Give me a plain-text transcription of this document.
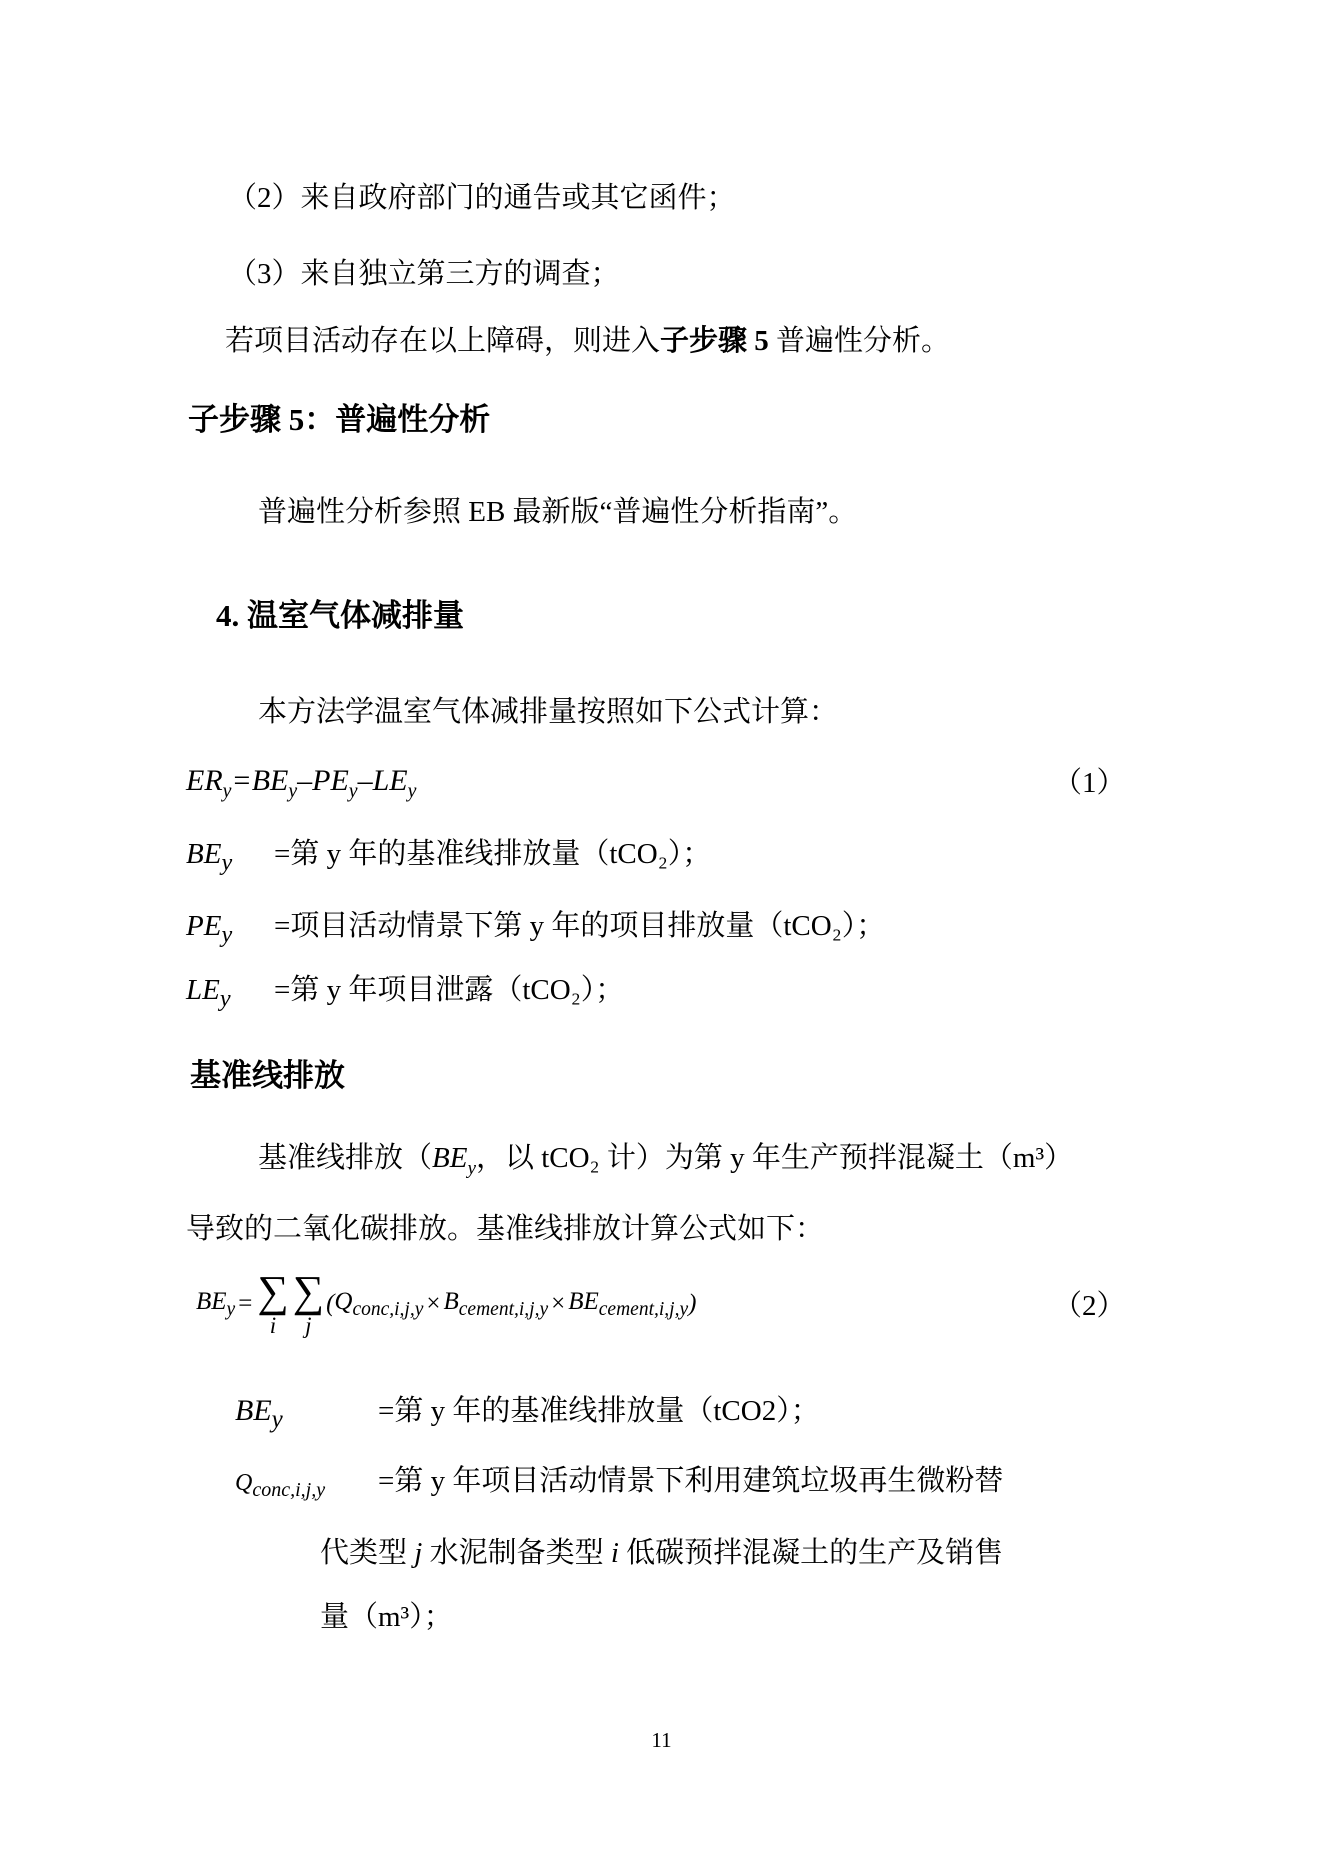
（2）来自政府部门的通告或其它函件；
（3）来自独立第三方的调查；
若项目活动存在以上障碍，则进入子步骤 5 普遍性分析。
子步骤 5：普遍性分析
普遍性分析参照 EB 最新版“普遍性分析指南”。
4. 温室气体减排量
本方法学温室气体减排量按照如下公式计算：
$ER_y=BE_y-PE_y-LE_y$	（1）
$BE_y$ =第 y 年的基准线排放量（tCO₂）；
$PE_y$ =项目活动情景下第 y 年的项目排放量（tCO₂）；
$LE_y$ =第 y 年项目泄露（tCO₂）；
基准线排放
基准线排放（$BE_y$，以 tCO₂ 计）为第 y 年生产预拌混凝土（m³）
导致的二氧化碳排放。基准线排放计算公式如下：
$BE_y$ = ∑
i
∑
j
( $Q_{conc,i,j,y} \times B_{cement,i,j,y} \times BE_{cement,i,j,y}$ )	（2）
$BE_y$	=第 y 年的基准线排放量（tCO2）；
$Q_{conc,i,j,y}$ =第 y 年项目活动情景下利用建筑垃圾再生微粉替
代类型 j 水泥制备类型 i 低碳预拌混凝土的生产及销售
量（m³）；
11
